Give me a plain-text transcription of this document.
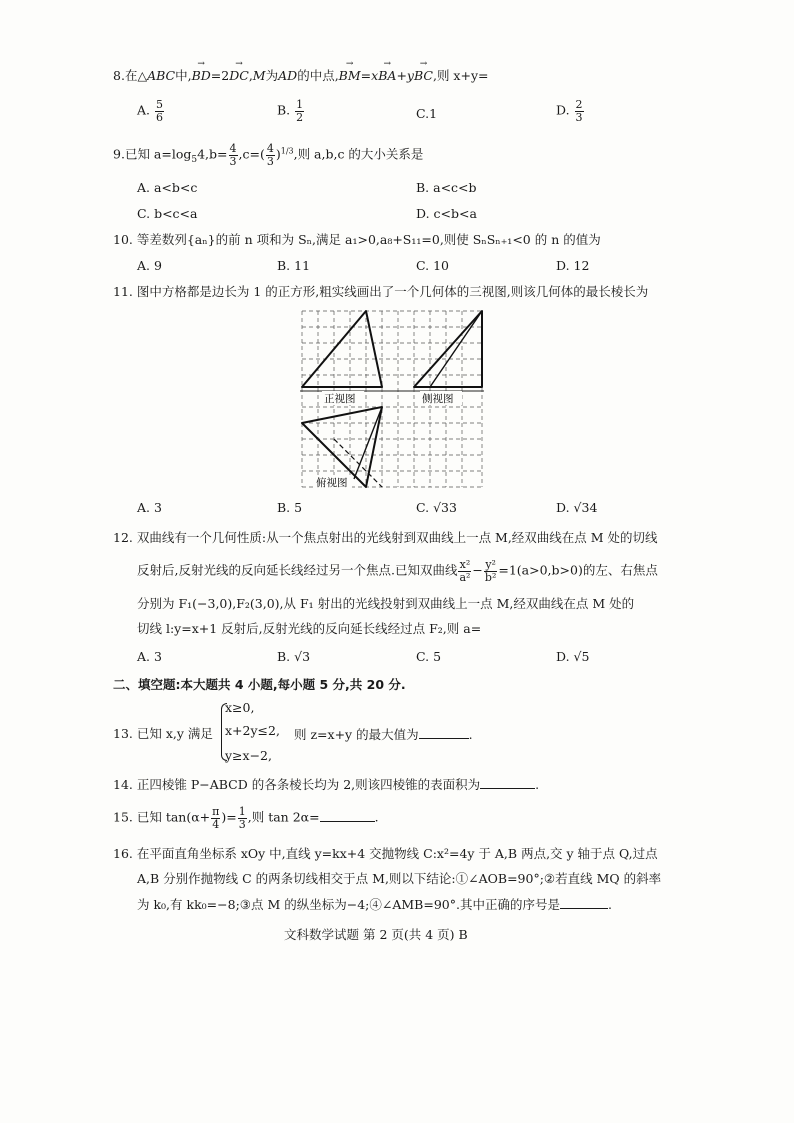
8.在△ABC中,→ BD=2→ DC,M为AD的中点,→ BM=x→ BA+y→ BC,则 x+y=
A. $\frac{5}{6}$	B. $\frac{1}{2}$	C.1	D. $\frac{2}{3}$
9.已知 $a=\log_54,b= \frac{4}{3} ,c=( \frac{4}{3} )^{1/3}$,则 a,b,c 的大小关系是
A. a<b<c	B. a<c<b
C. b<c<a	D. c<b<a
10. 等差数列{aₙ}的前 n 项和为 Sₙ,满足 a₁>0,a₈+S₁₁=0,则使 SₙSₙ₊₁<0 的 n 的值为
A. 9	B. 11	C. 10	D. 12
11. 图中方格都是边长为 1 的正方形,粗实线画出了一个几何体的三视图,则该几何体的最长棱长为
正视图	侧视图
俯视图
A. 3	B. 5	C. √33	D. √34
12. 双曲线有一个几何性质:从一个焦点射出的光线射到双曲线上一点 M,经双曲线在点 M 处的切线
反射后,反射光线的反向延长线经过另一个焦点.已知双曲线 $\frac{\text{x²}}{\text{a²}} - \frac{\text{y²}}{\text{b²}} =1(a>0,b>0)$的左、右焦点
分别为 F₁(−3,0),F₂(3,0),从 F₁ 射出的光线投射到双曲线上一点 M,经双曲线在点 M 处的
切线 l:y=x+1 反射后,反射光线的反向延长线经过点 F₂,则 a=
A. 3	B. √3	C. 5	D. √5
二、填空题:本大题共 4 小题,每小题 5 分,共 20 分.
13. 已知 x,y 满足
x≥0,
x+2y≤2,
y≥x−2,
则 z=x+y 的最大值为	.
14. 正四棱锥 P−ABCD 的各条棱长均为 2,则该四棱锥的表面积为	.
15. 已知 $\tan(\alpha+ \frac{\pi}{4}$ )= $\frac{1}{3}$ ,则 tan 2α=	.
16. 在平面直角坐标系 xOy 中,直线 y=kx+4 交抛物线 C:x²=4y 于 A,B 两点,交 y 轴于点 Q,过点
A,B 分别作抛物线 C 的两条切线相交于点 M,则以下结论:①∠AOB=90°;②若直线 MQ 的斜率
为 k₀,有 kk₀=−8;③点 M 的纵坐标为−4;④∠AMB=90°.其中正确的序号是	.
文科数学试题 第 2 页(共 4 页) B
